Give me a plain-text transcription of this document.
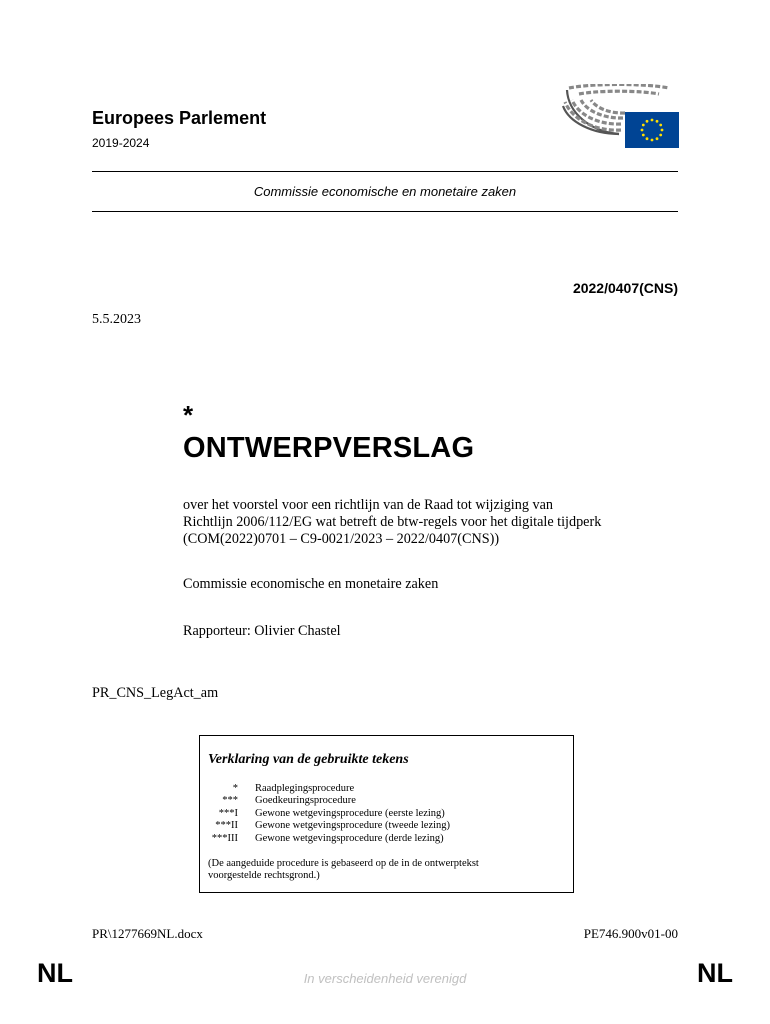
Europees Parlement
2019-2024
Commissie economische en monetaire zaken
2022/0407(CNS)
5.5.2023
*
ONTWERPVERSLAG
over het voorstel voor een richtlijn van de Raad tot wijziging van
Richtlijn 2006/112/EG wat betreft de btw-regels voor het digitale tijdperk
(COM(2022)0701 – C9-0021/2023 – 2022/0407(CNS))
Commissie economische en monetaire zaken
Rapporteur: Olivier Chastel
PR_CNS_LegAct_am
Verklaring van de gebruikte tekens
* Raadplegingsprocedure
*** Goedkeuringsprocedure
***I Gewone wetgevingsprocedure (eerste lezing)
***II Gewone wetgevingsprocedure (tweede lezing)
***III Gewone wetgevingsprocedure (derde lezing)
(De aangeduide procedure is gebaseerd op de in de ontwerptekst
voorgestelde rechtsgrond.)
PR\1277669NL.docx	PE746.900v01-00
NL	In verscheidenheid verenigd	NL
